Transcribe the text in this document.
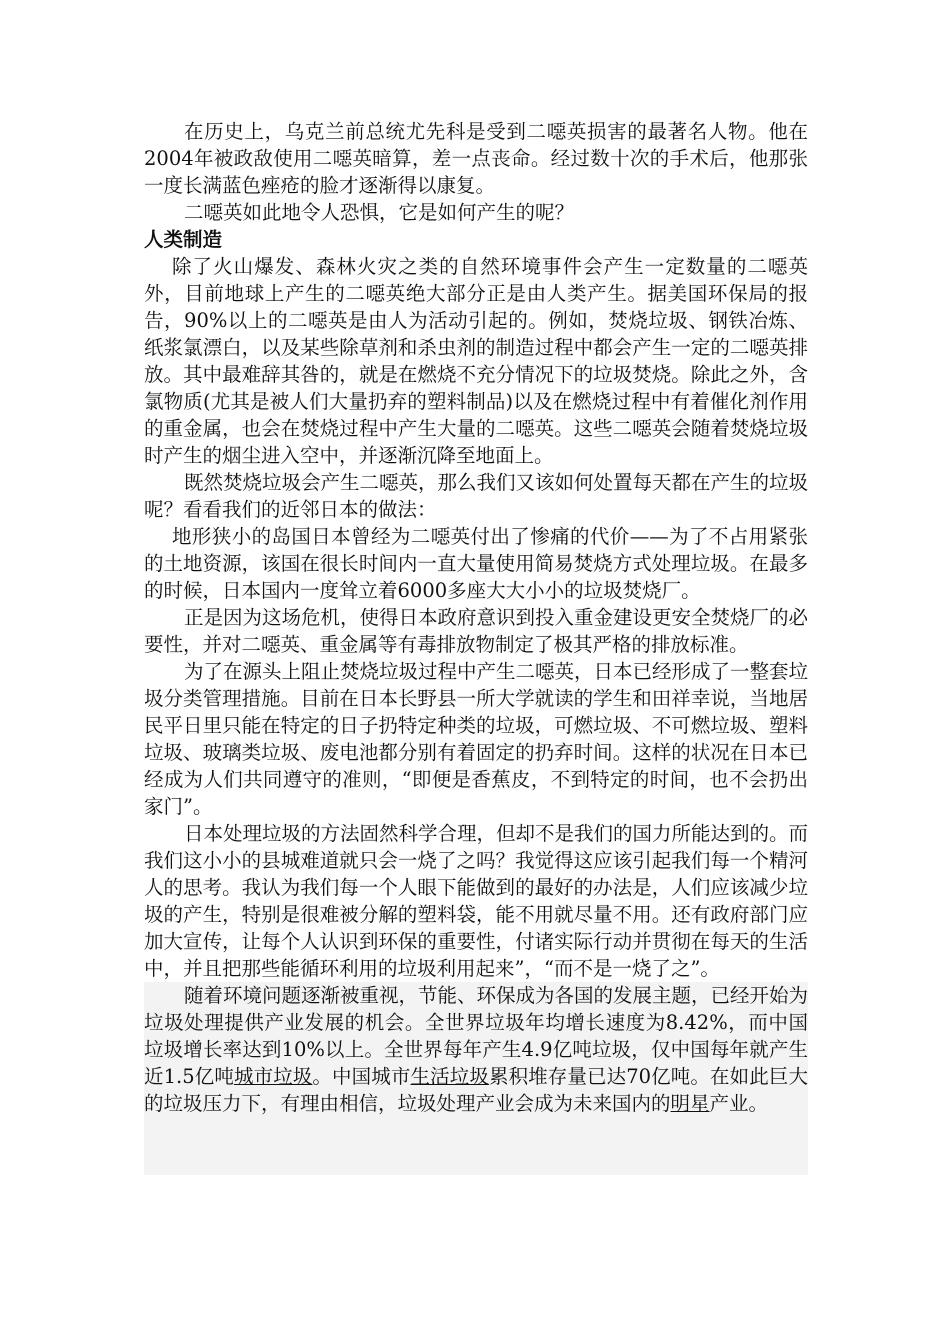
在历史上，乌克兰前总统尤先科是受到二噁英损害的最著名人物。他在2004年被政敌使用二噁英暗算，差一点丧命。经过数十次的手术后，他那张一度长满蓝色痤疮的脸才逐渐得以康复。

二噁英如此地令人恐惧，它是如何产生的呢？

人类制造

除了火山爆发、森林火灾之类的自然环境事件会产生一定数量的二噁英外，目前地球上产生的二噁英绝大部分正是由人类产生。据美国环保局的报告，90%以上的二噁英是由人为活动引起的。例如，焚烧垃圾、钢铁冶炼、纸浆氯漂白，以及某些除草剂和杀虫剂的制造过程中都会产生一定的二噁英排放。其中最难辞其咎的，就是在燃烧不充分情况下的垃圾焚烧。除此之外，含氯物质(尤其是被人们大量扔弃的塑料制品)以及在燃烧过程中有着催化剂作用的重金属，也会在焚烧过程中产生大量的二噁英。这些二噁英会随着焚烧垃圾时产生的烟尘进入空中，并逐渐沉降至地面上。

既然焚烧垃圾会产生二噁英，那么我们又该如何处置每天都在产生的垃圾呢？看看我们的近邻日本的做法：

地形狭小的岛国日本曾经为二噁英付出了惨痛的代价——为了不占用紧张的土地资源，该国在很长时间内一直大量使用简易焚烧方式处理垃圾。在最多的时候，日本国内一度耸立着6000多座大大小小的垃圾焚烧厂。

正是因为这场危机，使得日本政府意识到投入重金建设更安全焚烧厂的必要性，并对二噁英、重金属等有毒排放物制定了极其严格的排放标准。

为了在源头上阻止焚烧垃圾过程中产生二噁英，日本已经形成了一整套垃圾分类管理措施。目前在日本长野县一所大学就读的学生和田祥幸说，当地居民平日里只能在特定的日子扔特定种类的垃圾，可燃垃圾、不可燃垃圾、塑料垃圾、玻璃类垃圾、废电池都分别有着固定的扔弃时间。这样的状况在日本已经成为人们共同遵守的准则，“即便是香蕉皮，不到特定的时间，也不会扔出家门”。

日本处理垃圾的方法固然科学合理，但却不是我们的国力所能达到的。而我们这小小的县城难道就只会一烧了之吗？我觉得这应该引起我们每一个精河人的思考。我认为我们每一个人眼下能做到的最好的办法是，人们应该减少垃圾的产生，特别是很难被分解的塑料袋，能不用就尽量不用。还有政府部门应加大宣传，让每个人认识到环保的重要性，付诸实际行动并贯彻在每天的生活中，并且把那些能循环利用的垃圾利用起来”，“而不是一烧了之”。

随着环境问题逐渐被重视，节能、环保成为各国的发展主题，已经开始为垃圾处理提供产业发展的机会。全世界垃圾年均增长速度为8.42%，而中国垃圾增长率达到10%以上。全世界每年产生4.9亿吨垃圾，仅中国每年就产生近1.5亿吨城市垃圾。中国城市生活垃圾累积堆存量已达70亿吨。在如此巨大的垃圾压力下，有理由相信，垃圾处理产业会成为未来国内的明星产业。
